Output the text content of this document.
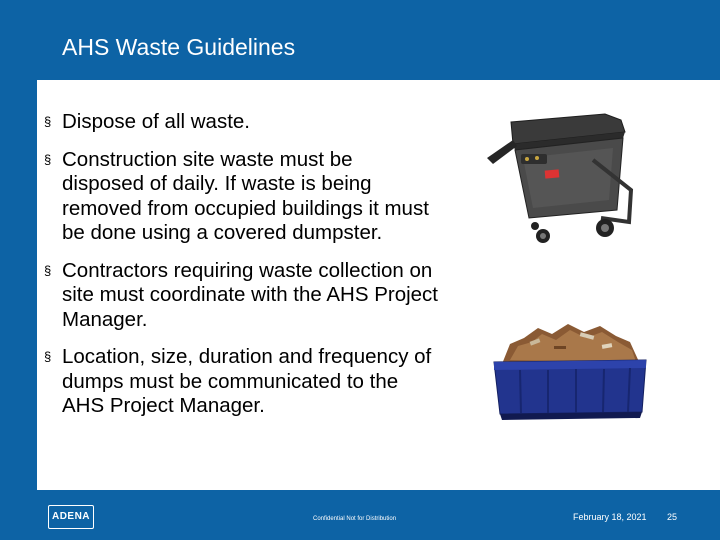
AHS Waste Guidelines
§ Dispose of all waste.
§ Construction site waste must be disposed of daily. If waste is being removed from occupied buildings it must be done using a covered dumpster.
§ Contractors requiring waste collection on site must coordinate with the AHS Project Manager.
§ Location, size, duration and frequency of dumps must be communicated to the AHS Project Manager.
ADENA	Confidential Not for Distribution	February 18, 2021 25
